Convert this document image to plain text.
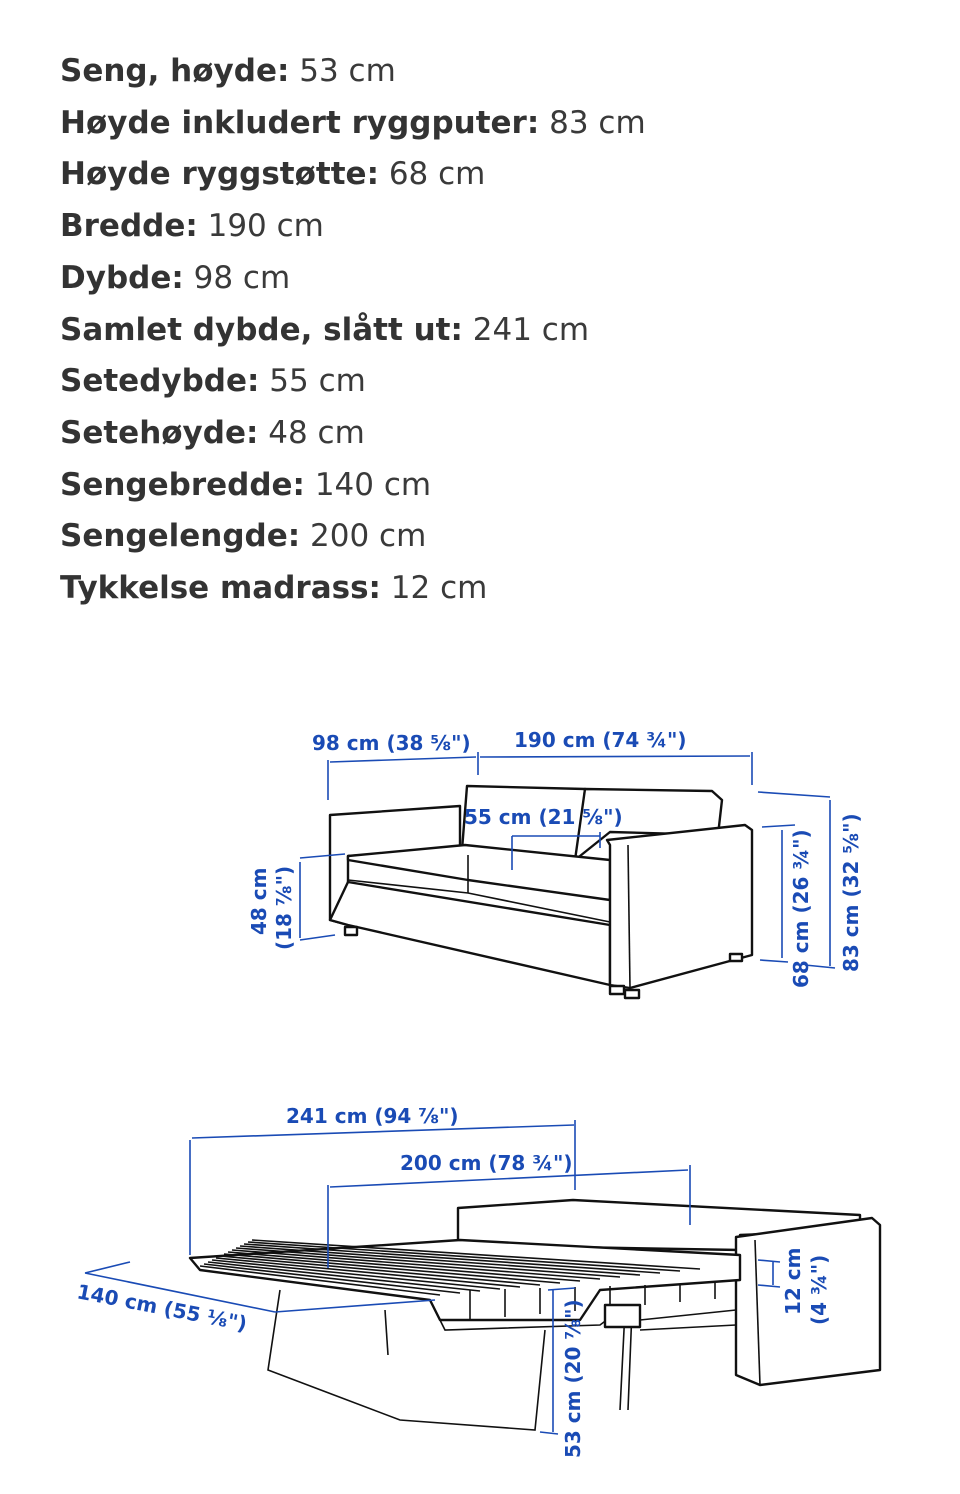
Seng, høyde: 53 cm
Høyde inkludert ryggputer: 83 cm
Høyde ryggstøtte: 68 cm
Bredde: 190 cm
Dybde: 98 cm
Samlet dybde, slått ut: 241 cm
Setedybde: 55 cm
Setehøyde: 48 cm
Sengebredde: 140 cm
Sengelengde: 200 cm
Tykkelse madrass: 12 cm
98 cm (38 ⅝") 190 cm (74 ¾")
55 cm (21 ⅝")
48 cm (18 ⅞")	68 cm (26 ¾") 83 cm (32 ⅝")
241 cm (94 ⅞")
200 cm (78 ¾")
140 cm (55 ⅛")	12 cm (4 ¾")
53 cm (20 ⅞")
